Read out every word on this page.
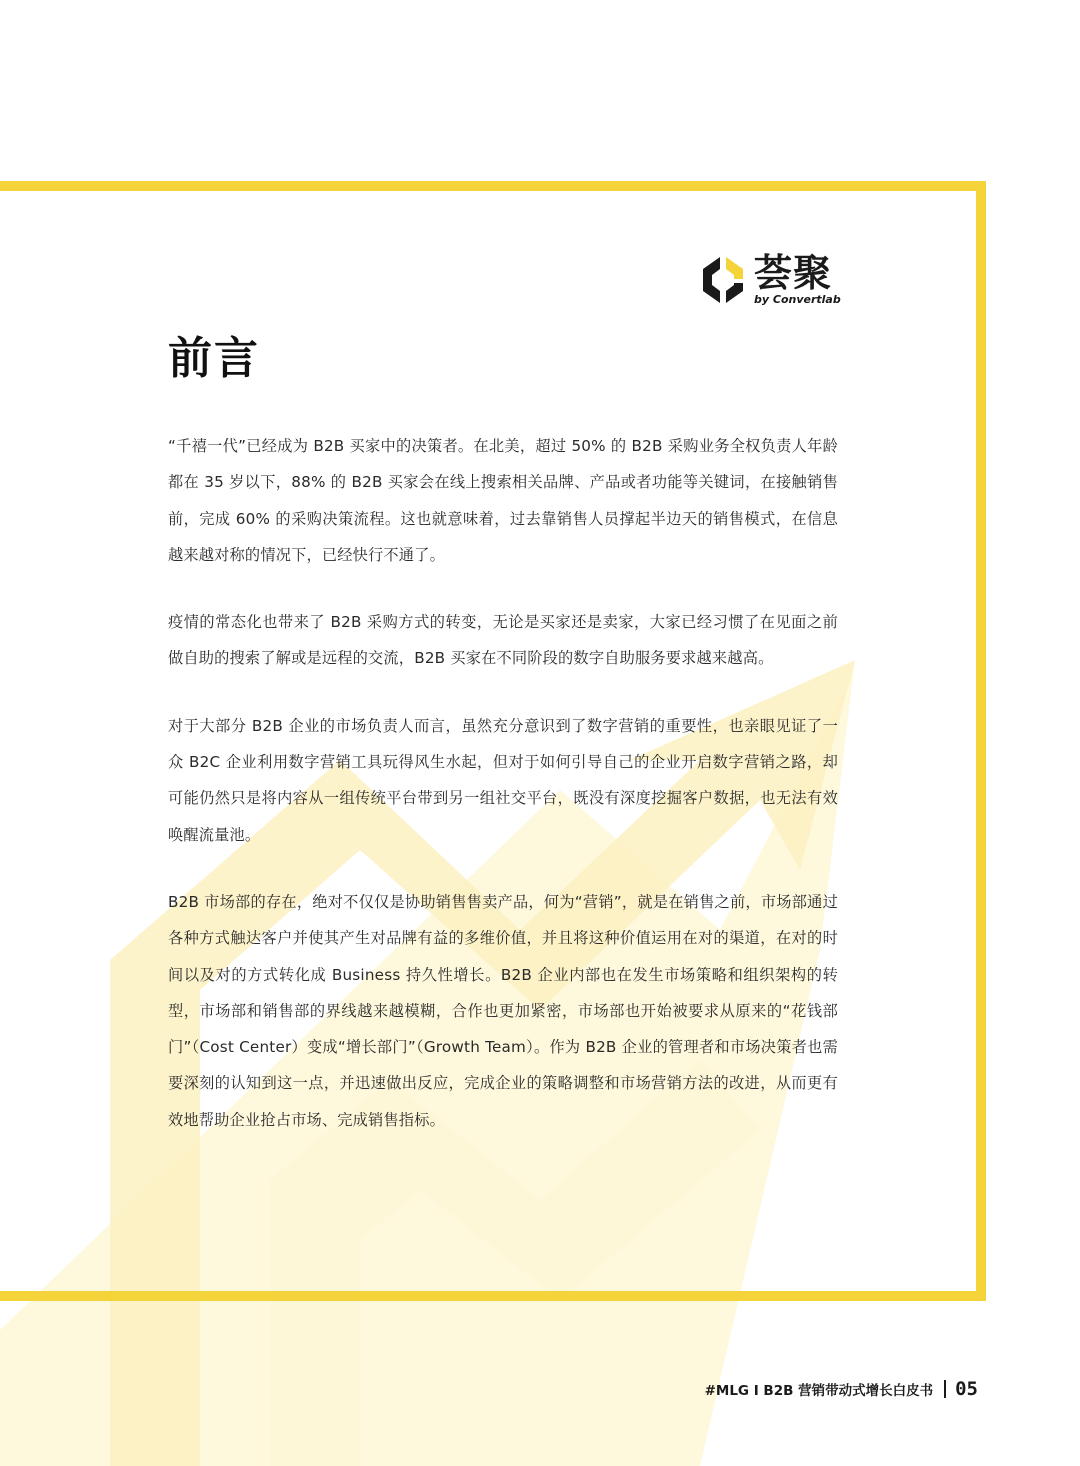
荟聚
by Convertlab
前言

“千禧一代”已经成为 B2B 买家中的决策者。在北美，超过 50% 的 B2B 采购业务全权负责人年龄都在 35 岁以下，88% 的 B2B 买家会在线上搜索相关品牌、产品或者功能等关键词，在接触销售前，完成 60% 的采购决策流程。这也就意味着，过去靠销售人员撑起半边天的销售模式，在信息越来越对称的情况下，已经快行不通了。

疫情的常态化也带来了 B2B 采购方式的转变，无论是买家还是卖家，大家已经习惯了在见面之前做自助的搜索了解或是远程的交流，B2B 买家在不同阶段的数字自助服务要求越来越高。

对于大部分 B2B 企业的市场负责人而言，虽然充分意识到了数字营销的重要性，也亲眼见证了一众 B2C 企业利用数字营销工具玩得风生水起，但对于如何引导自己的企业开启数字营销之路，却可能仍然只是将内容从一组传统平台带到另一组社交平台，既没有深度挖掘客户数据，也无法有效唤醒流量池。

B2B 市场部的存在，绝对不仅仅是协助销售售卖产品，何为“营销”，就是在销售之前，市场部通过各种方式触达客户并使其产生对品牌有益的多维价值，并且将这种价值运用在对的渠道，在对的时间以及对的方式转化成 Business 持久性增长。B2B 企业内部也在发生市场策略和组织架构的转型，市场部和销售部的界线越来越模糊，合作也更加紧密，市场部也开始被要求从原来的“花钱部门”（Cost Center）变成“增长部门”（Growth Team）。作为 B2B 企业的管理者和市场决策者也需要深刻的认知到这一点，并迅速做出反应，完成企业的策略调整和市场营销方法的改进，从而更有效地帮助企业抢占市场、完成销售指标。

#MLG I B2B 营销带动式增长白皮书 05
